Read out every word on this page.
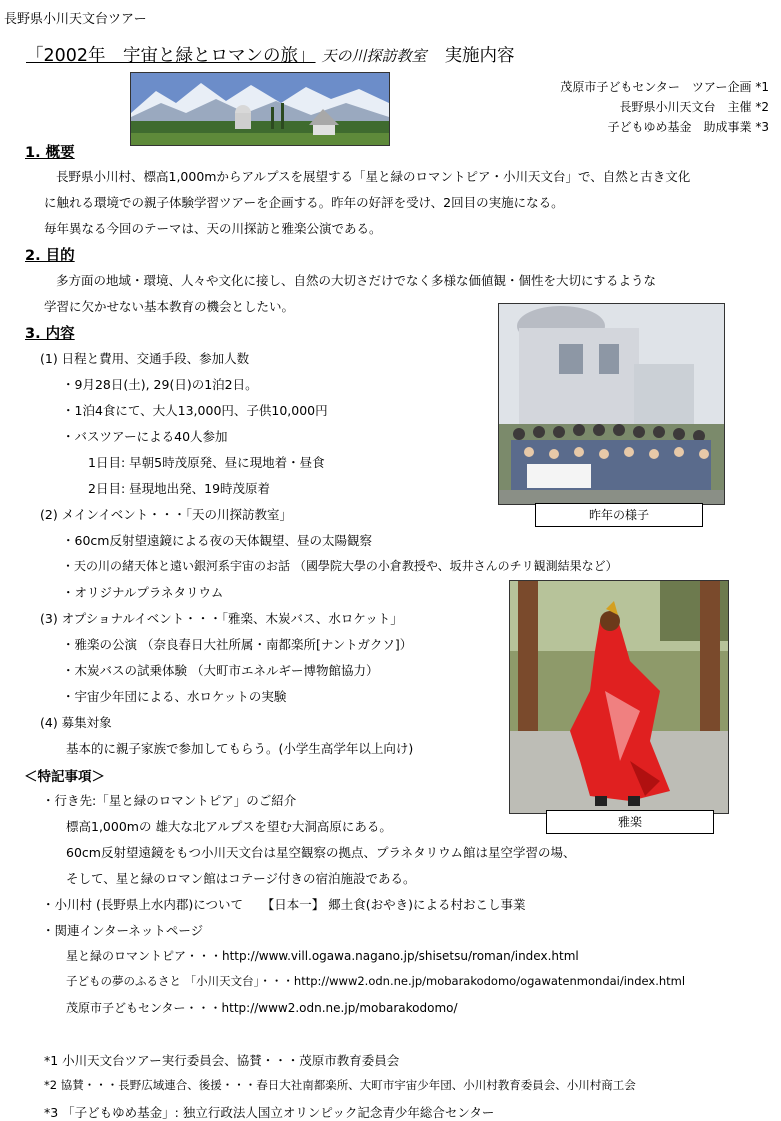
長野県小川天文台ツアー
「2002年　宇宙と緑とロマンの旅」 天の川探訪教室 実施内容
茂原市子どもセンター　ツアー企画 *1
長野県小川天文台　主催 *2
子どもゆめ基金　助成事業 *3
1. 概要
長野県小川村、標高1,000mからアルプスを展望する「星と緑のロマントピア・小川天文台」で、自然と古き文化
に触れる環境での親子体験学習ツアーを企画する。昨年の好評を受け、2回目の実施になる。
毎年異なる今回のテーマは、天の川探訪と雅楽公演である。
2. 目的
多方面の地域・環境、人々や文化に接し、自然の大切さだけでなく多様な価値観・個性を大切にするような
学習に欠かせない基本教育の機会としたい。
3. 内容
(1) 日程と費用、交通手段、参加人数
・9月28日(土), 29(日)の1泊2日。
・1泊4食にて、大人13,000円、子供10,000円
・バスツアーによる40人参加
1日目: 早朝5時茂原発、昼に現地着・昼食
2日目: 昼現地出発、19時茂原着
(2) メインイベント・・・「天の川探訪教室」
・60cm反射望遠鏡による夜の天体観望、昼の太陽観察
・天の川の緒天体と遠い銀河系宇宙のお話 （國學院大學の小倉教授や、坂井さんのチリ観測結果など）
・オリジナルプラネタリウム
(3) オプショナルイベント・・・「雅楽、木炭バス、水ロケット」
・雅楽の公演 （奈良春日大社所属・南都楽所[ナントガクソ]）
・木炭バスの試乗体験 （大町市エネルギー博物館協力）
・宇宙少年団による、水ロケットの実験
(4) 募集対象
基本的に親子家族で参加してもらう。(小学生高学年以上向け)
＜特記事項＞
・行き先:「星と緑のロマントピア」のご紹介
標高1,000mの 雄大な北アルプスを望む大洞高原にある。
60cm反射望遠鏡をもつ小川天文台は星空観察の拠点、プラネタリウム館は星空学習の場、
そして、星と緑のロマン館はコテージ付きの宿泊施設である。
・小川村 (長野県上水内郡)について　　【日本一】 郷土食(おやき)による村おこし事業
・関連インターネットページ
星と緑のロマントピア・・・http://www.vill.ogawa.nagano.jp/shisetsu/roman/index.html
子どもの夢のふるさと 「小川天文台」・・・http://www2.odn.ne.jp/mobarakodomo/ogawatenmondai/index.html
茂原市子どもセンター・・・http://www2.odn.ne.jp/mobarakodomo/
*1 小川天文台ツアー実行委員会、協賛・・・茂原市教育委員会
*2 協賛・・・長野広域連合、後援・・・春日大社南都楽所、大町市宇宙少年団、小川村教育委員会、小川村商工会
*3 「子どもゆめ基金」: 独立行政法人国立オリンピック記念青少年総合センター
昨年の様子
雅楽
